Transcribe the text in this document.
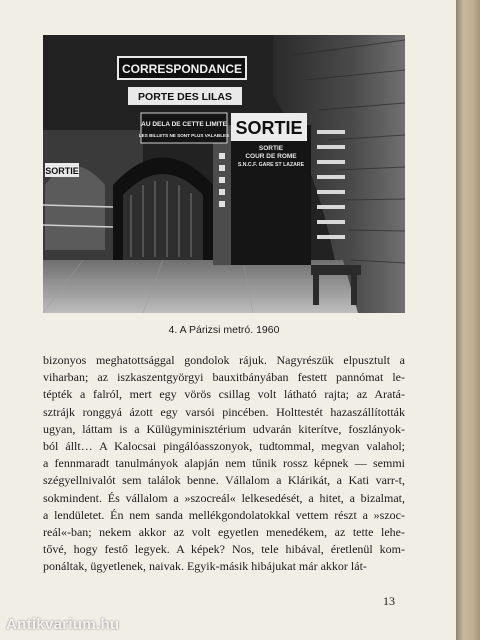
SORTIE
CORRESPONDANCE
PORTE DES LILAS
AU DELA DE CETTE LIMITE
LES BILLETS NE SONT PLUS VALABLES SORTIE
SORTIE
COUR DE ROME
S.N.C.F. GARE ST LAZARE
4. A Párizsi metró. 1960

bizonyos meghatottsággal gondolok rájuk. Nagyrészük elpusztult a
viharban; az iszkaszentgyörgyi bauxitbányában festett pannómat le-
tépték a falról, mert egy vörös csillag volt látható rajta; az Aratá-
sztrájk ronggyá ázott egy varsói pincében. Holttestét hazaszállították
ugyan, láttam is a Külügyminisztérium udvarán kiterítve, foszlányok-
ból állt… A Kalocsai pingálóasszonyok, tudtommal, megvan valahol;
a fennmaradt tanulmányok alapján nem tűnik rossz képnek — semmi
szégyellnivalót sem találok benne. Vállalom a Klárikát, a Kati varr-t,
sokmindent. És vállalom a »szocreál« lelkesedését, a hitet, a bizalmat,
a lendületet. Én nem sanda mellékgondolatokkal vettem részt a »szoc-
reál«-ban; nekem akkor az volt egyetlen menedékem, az tette lehe-
tővé, hogy festő legyek. A képek? Nos, tele hibával, éretlenül kom-
ponáltak, ügyetlenek, naivak. Egyik-másik hibájukat már akkor lát-

13
Antikvarium.hu
